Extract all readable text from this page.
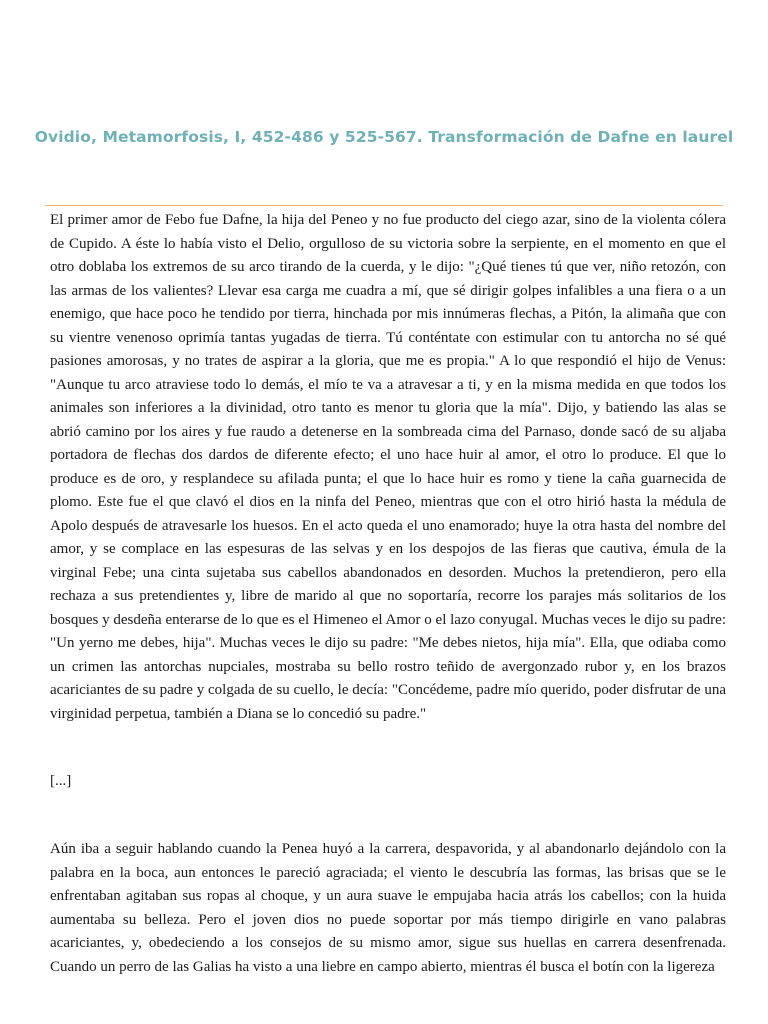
Ovidio, Metamorfosis, I, 452-486 y 525-567. Transformación de Dafne en laurel

El primer amor de Febo fue Dafne, la hija del Peneo y no fue producto del ciego azar, sino de la violenta cólera de Cupido. A éste lo había visto el Delio, orgulloso de su victoria sobre la serpiente, en el momento en que el otro doblaba los extremos de su arco tirando de la cuerda, y le dijo: "¿Qué tienes tú que ver, niño retozón, con las armas de los valientes? Llevar esa carga me cuadra a mí, que sé dirigir golpes infalibles a una fiera o a un enemigo, que hace poco he tendido por tierra, hinchada por mis innúmeras flechas, a Pitón, la alimaña que con su vientre venenoso oprimía tantas yugadas de tierra. Tú conténtate con estimular con tu antorcha no sé qué pasiones amorosas, y no trates de aspirar a la gloria, que me es propia." A lo que respondió el hijo de Venus: "Aunque tu arco atraviese todo lo demás, el mío te va a atravesar a ti, y en la misma medida en que todos los animales son inferiores a la divinidad, otro tanto es menor tu gloria que la mía". Dijo, y batiendo las alas se abrió camino por los aires y fue raudo a detenerse en la sombreada cima del Parnaso, donde sacó de su aljaba portadora de flechas dos dardos de diferente efecto; el uno hace huir al amor, el otro lo produce. El que lo produce es de oro, y resplandece su afilada punta; el que lo hace huir es romo y tiene la caña guarnecida de plomo. Este fue el que clavó el dios en la ninfa del Peneo, mientras que con el otro hirió hasta la médula de Apolo después de atravesarle los huesos. En el acto queda el uno enamorado; huye la otra hasta del nombre del amor, y se complace en las espesuras de las selvas y en los despojos de las fieras que cautiva, émula de la virginal Febe; una cinta sujetaba sus cabellos abandonados en desorden. Muchos la pretendieron, pero ella rechaza a sus pretendientes y, libre de marido al que no soportaría, recorre los parajes más solitarios de los bosques y desdeña enterarse de lo que es el Himeneo el Amor o el lazo conyugal. Muchas veces le dijo su padre: "Un yerno me debes, hija". Muchas veces le dijo su padre: "Me debes nietos, hija mía". Ella, que odiaba como un crimen las antorchas nupciales, mostraba su bello rostro teñido de avergonzado rubor y, en los brazos acariciantes de su padre y colgada de su cuello, le decía: "Concédeme, padre mío querido, poder disfrutar de una virginidad perpetua, también a Diana se lo concedió su padre."

[...]

Aún iba a seguir hablando cuando la Penea huyó a la carrera, despavorida, y al abandonarlo dejándolo con la palabra en la boca, aun entonces le pareció agraciada; el viento le descubría las formas, las brisas que se le enfrentaban agitaban sus ropas al choque, y un aura suave le empujaba hacia atrás los cabellos; con la huida aumentaba su belleza. Pero el joven dios no puede soportar por más tiempo dirigirle en vano palabras acariciantes, y, obedeciendo a los consejos de su mismo amor, sigue sus huellas en carrera desenfrenada. Cuando un perro de las Galias ha visto a una liebre en campo abierto, mientras él busca el botín con la ligereza
